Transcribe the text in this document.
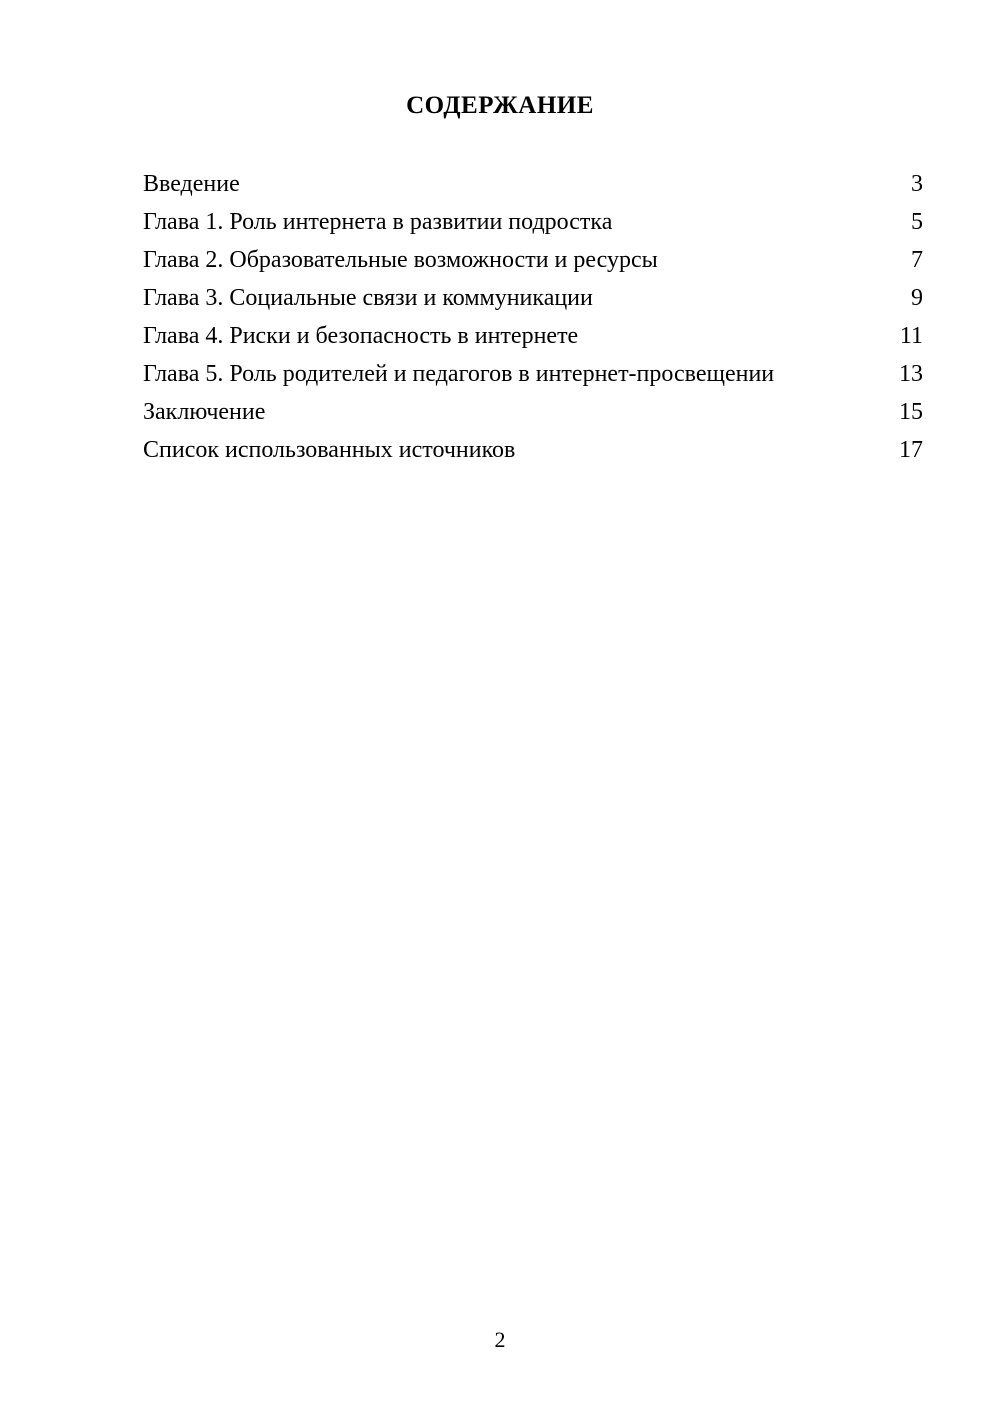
СОДЕРЖАНИЕ
Введение	3
Глава 1. Роль интернета в развитии подростка	5
Глава 2. Образовательные возможности и ресурсы	7
Глава 3. Социальные связи и коммуникации	9
Глава 4. Риски и безопасность в интернете	11
Глава 5. Роль родителей и педагогов в интернет-просвещении	13
Заключение	15
Список использованных источников	17
2
